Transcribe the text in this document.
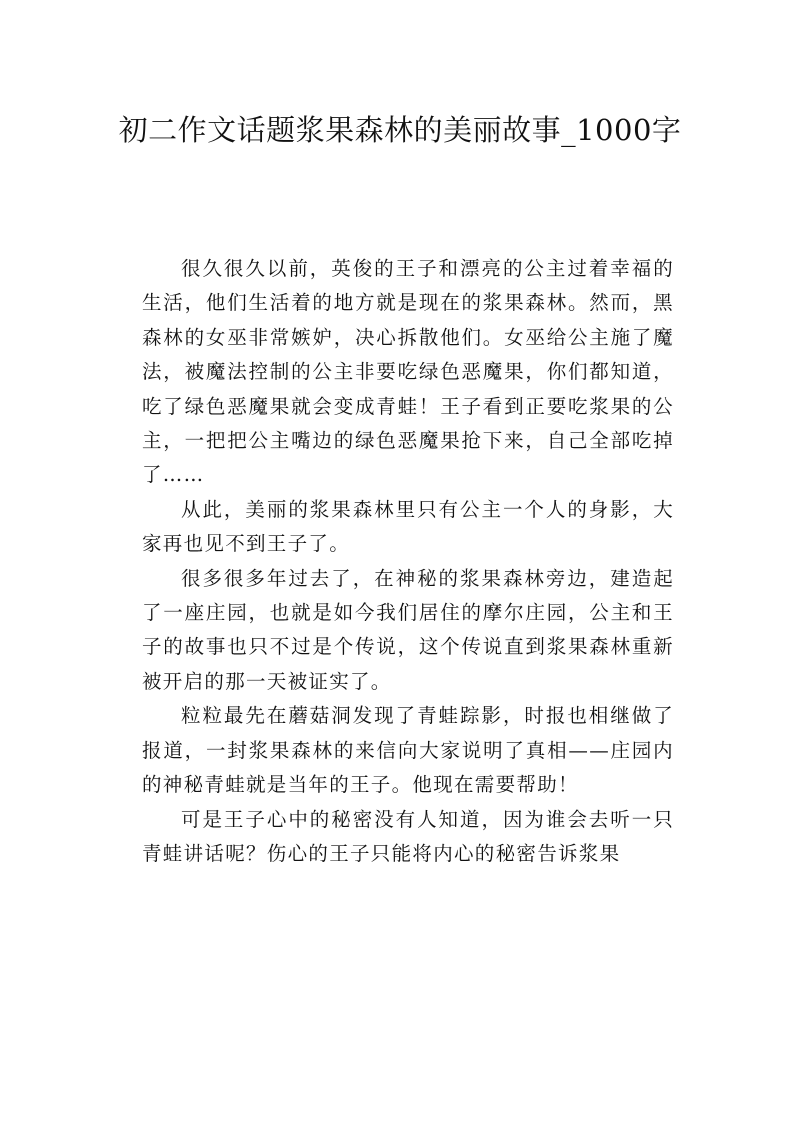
初二作文话题浆果森林的美丽故事_1000字

很久很久以前，英俊的王子和漂亮的公主过着幸福的生活，他们生活着的地方就是现在的浆果森林。然而，黑森林的女巫非常嫉妒，决心拆散他们。女巫给公主施了魔法，被魔法控制的公主非要吃绿色恶魔果，你们都知道，吃了绿色恶魔果就会变成青蛙！王子看到正要吃浆果的公主，一把把公主嘴边的绿色恶魔果抢下来，自己全部吃掉了……

从此，美丽的浆果森林里只有公主一个人的身影，大家再也见不到王子了。

很多很多年过去了，在神秘的浆果森林旁边，建造起了一座庄园，也就是如今我们居住的摩尔庄园，公主和王子的故事也只不过是个传说，这个传说直到浆果森林重新被开启的那一天被证实了。

粒粒最先在蘑菇洞发现了青蛙踪影，时报也相继做了报道，一封浆果森林的来信向大家说明了真相——庄园内的神秘青蛙就是当年的王子。他现在需要帮助！

可是王子心中的秘密没有人知道，因为谁会去听一只青蛙讲话呢？伤心的王子只能将内心的秘密告诉浆果
